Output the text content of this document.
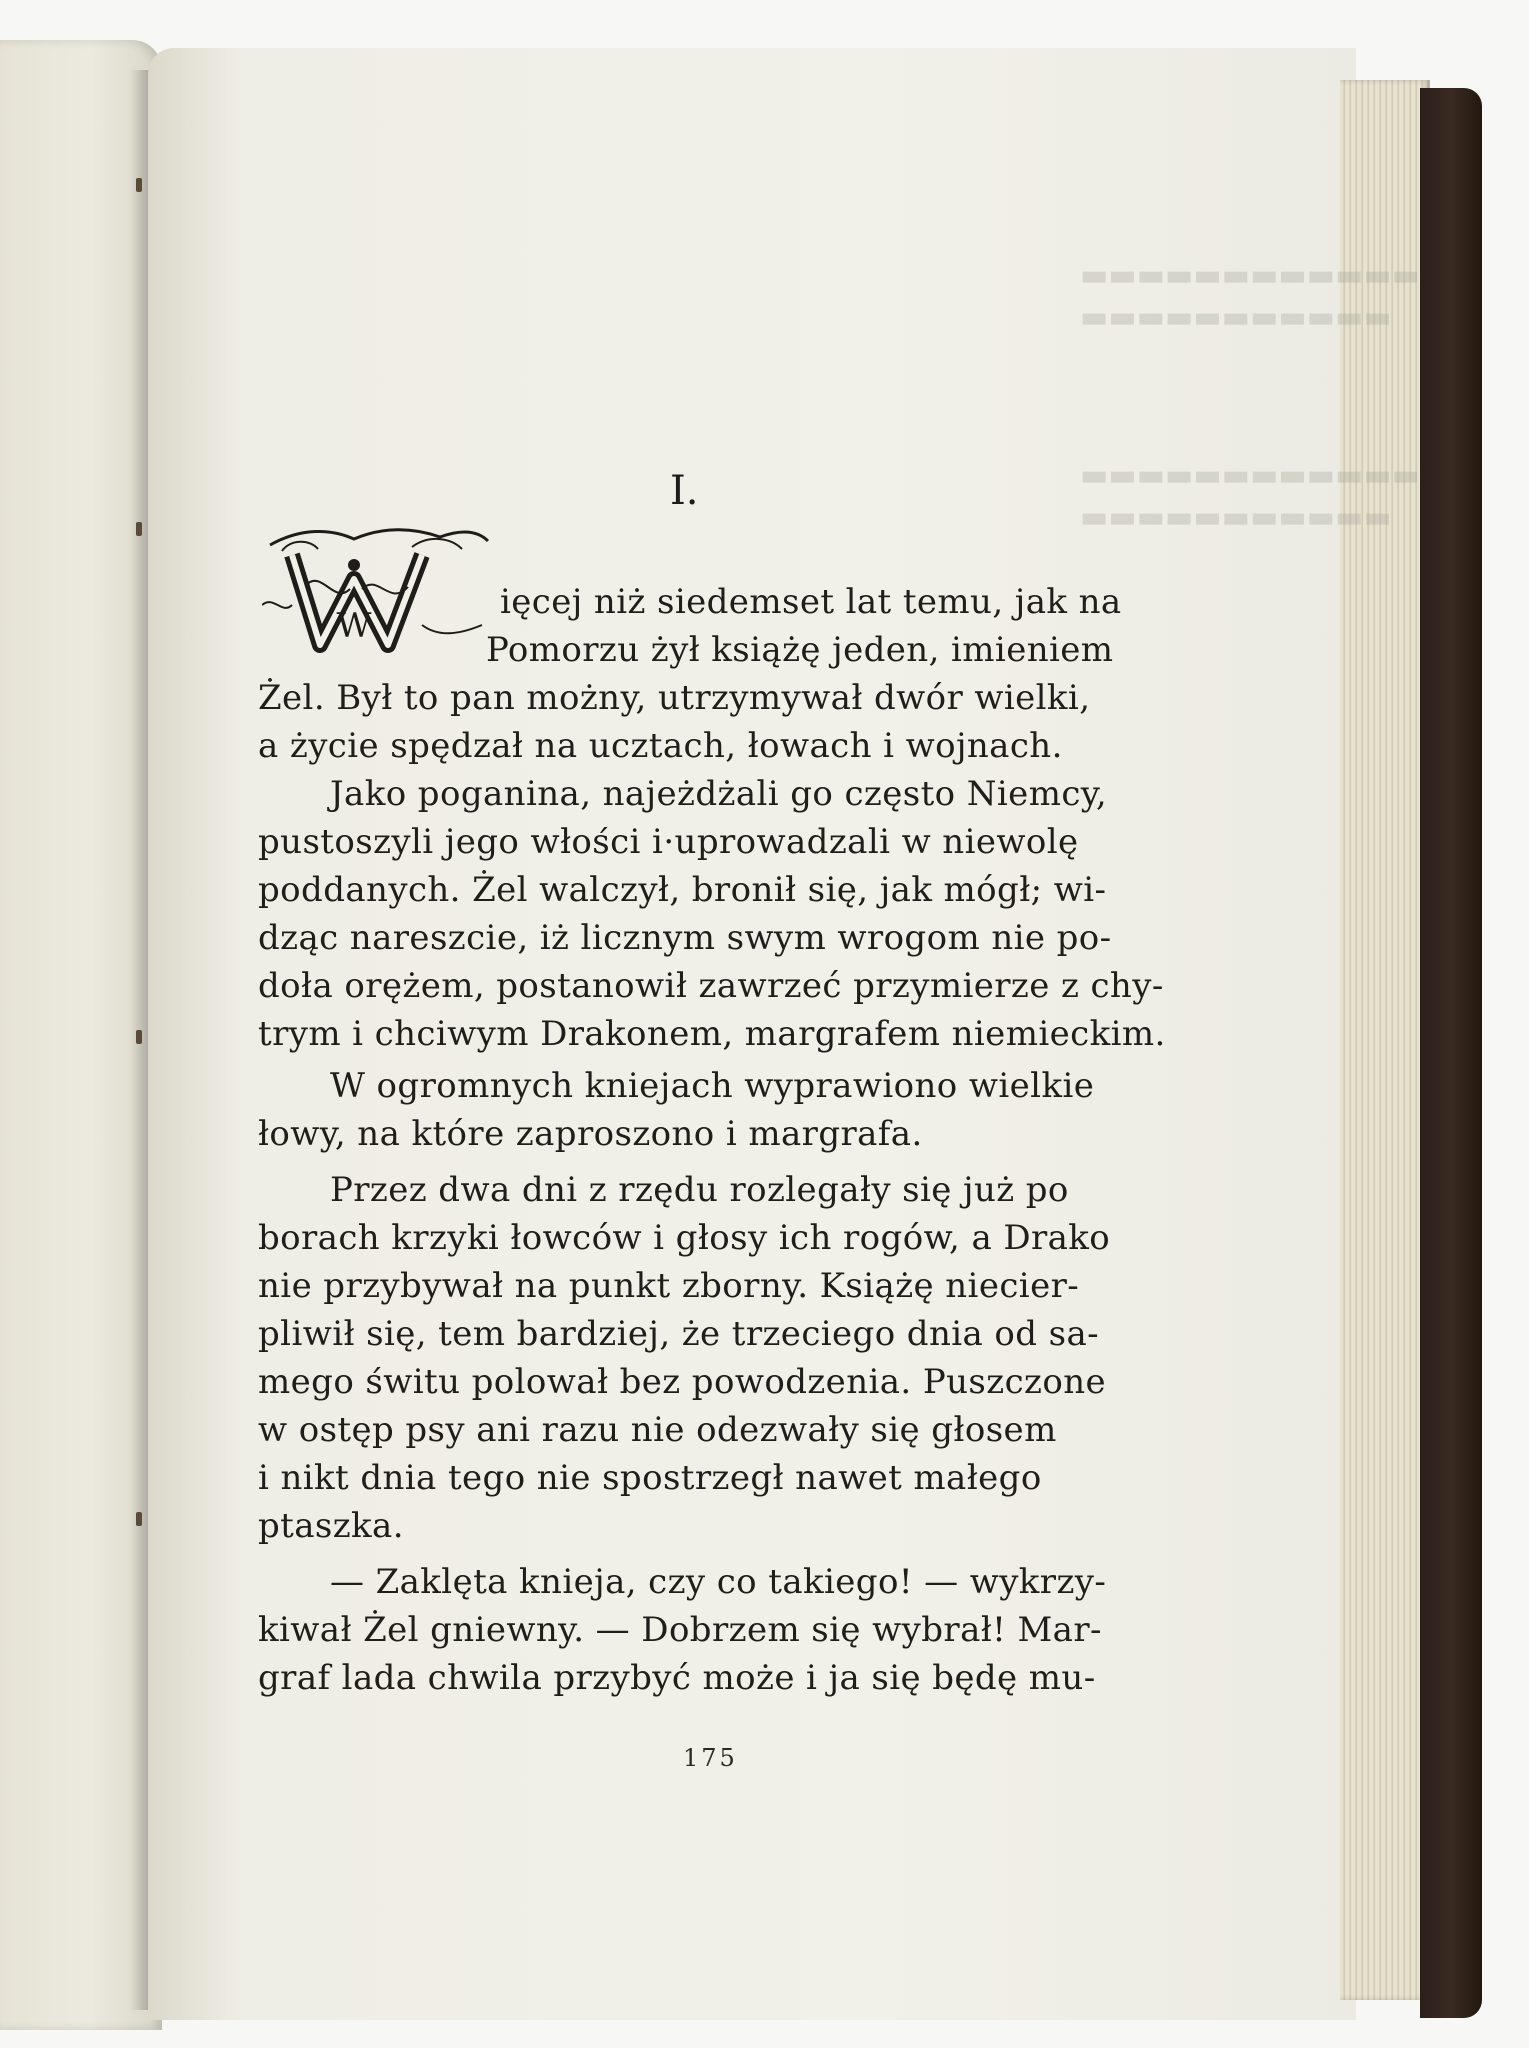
▬▬▬▬▬▬▬▬▬▬▬▬
▬▬▬▬▬▬▬▬▬▬▬
▬▬▬▬▬▬▬▬▬▬▬▬
▬▬▬▬▬▬▬▬▬▬▬
I.
W
ięcej niż siedemset lat temu, jak na
Pomorzu żył książę jeden, imieniem
Żel. Był to pan możny, utrzymywał dwór wielki,
a życie spędzał na ucztach, łowach i wojnach.
Jako poganina, najeżdżali go często Niemcy,
pustoszyli jego włości i·uprowadzali w niewolę
poddanych. Żel walczył, bronił się, jak mógł; wi-
dząc nareszcie, iż licznym swym wrogom nie po-
doła orężem, postanowił zawrzeć przymierze z chy-
trym i chciwym Drakonem, margrafem niemieckim.
W ogromnych kniejach wyprawiono wielkie
łowy, na które zaproszono i margrafa.
Przez dwa dni z rzędu rozlegały się już po
borach krzyki łowców i głosy ich rogów, a Drako
nie przybywał na punkt zborny. Książę niecier-
pliwił się, tem bardziej, że trzeciego dnia od sa-
mego świtu polował bez powodzenia. Puszczone
w ostęp psy ani razu nie odezwały się głosem
i nikt dnia tego nie spostrzegł nawet małego
ptaszka.
— Zaklęta knieja, czy co takiego! — wykrzy-
kiwał Żel gniewny. — Dobrzem się wybrał! Mar-
graf lada chwila przybyć może i ja się będę mu-
175
